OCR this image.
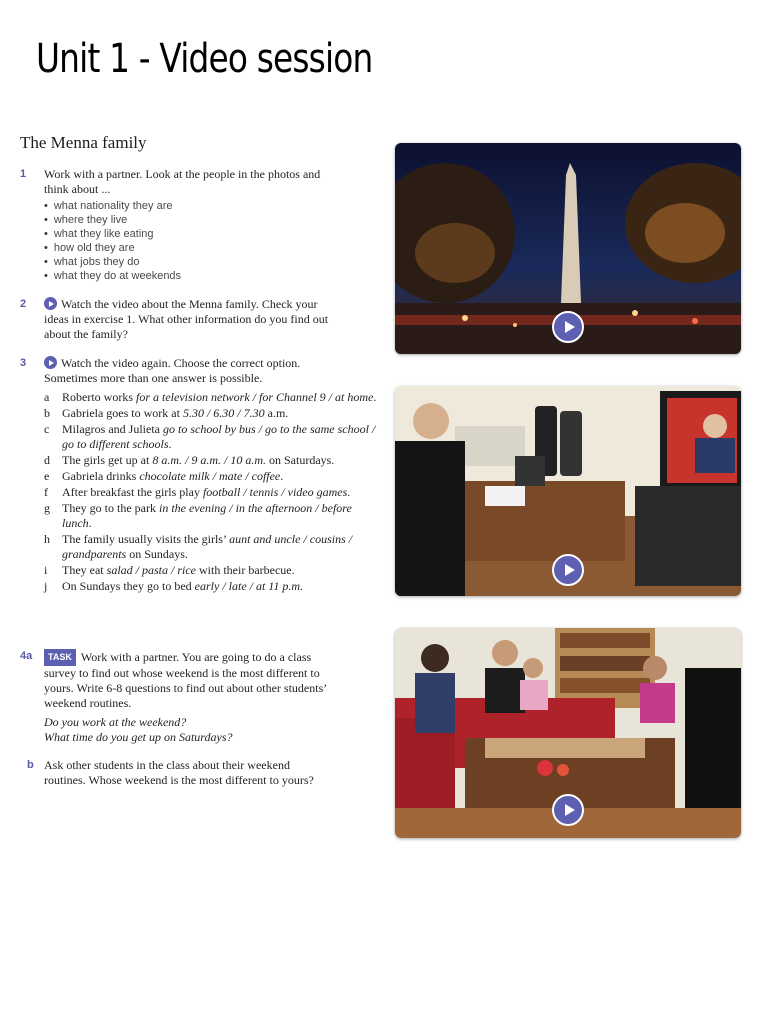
Unit 1 - Video session
The Menna family
1 Work with a partner. Look at the people in the photos and
think about ...
• what nationality they are
• where they live
• what they like eating
• how old they are
• what jobs they do
• what they do at weekends
2	Watch the video about the Menna family. Check your
ideas in exercise 1. What other information do you find out
about the family?
3	Watch the video again. Choose the correct option.
Sometimes more than one answer is possible.
a Roberto works for a television network / for Channel 9 / at home.
b Gabriela goes to work at 5.30 / 6.30 / 7.30 a.m.
c Milagros and Julieta go to school by bus / go to the same school / go to different schools.
d The girls get up at 8 a.m. / 9 a.m. / 10 a.m. on Saturdays.
e Gabriela drinks chocolate milk / mate / coffee.
f After breakfast the girls play football / tennis / video games.
g They go to the park in the evening / in the afternoon / before lunch.
h The family usually visits the girls’ aunt and uncle / cousins / grandparents on Sundays.
i They eat salad / pasta / rice with their barbecue.
j On Sundays they go to bed early / late / at 11 p.m.
4a	TASK Work with a partner. You are going to do a class
survey to find out whose weekend is the most different to
yours. Write 6-8 questions to find out about other students’
weekend routines.
Do you work at the weekend?
What time do you get up on Saturdays?
b Ask other students in the class about their weekend
routines. Whose weekend is the most different to yours?
